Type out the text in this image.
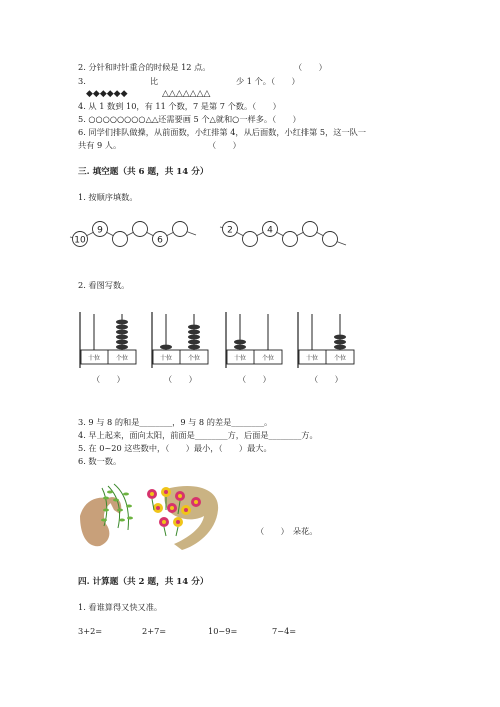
2. 分针和时针重合的时候是 12 点。	（　　）
3.	比	少 1 个。（　　）
◆◆◆◆◆◆	△△△△△△△
4. 从 1 数到 10，有 11 个数，7 是第 7 个数。（　　）
5. ○○○○○○○○△△还需要画 5 个△就和○一样多。（　　）
6. 同学们排队做操，从前面数，小红排第 4，从后面数，小红排第 5，这一队一
共有 9 人。	（　　）
三. 填空题（共 6 题，共 14 分）
1. 按顺序填数。
10
9
6
2	4
2. 看图写数。
十位	个位	十位	个位	十位	个位	十位	个位
（　　）	（　　）	（　　）	（　　）
3. 9 与 8 的和是________，9 与 8 的差是________。
4. 早上起来，面向太阳，前面是________方，后面是________方。
5. 在 0~20 这些数中，（　　）最小，（　　）最大。
6. 数一数。
（　　）　朵花。
四. 计算题（共 2 题，共 14 分）
1. 看谁算得又快又准。
3+2=	2+7=	10−9=	7−4=
